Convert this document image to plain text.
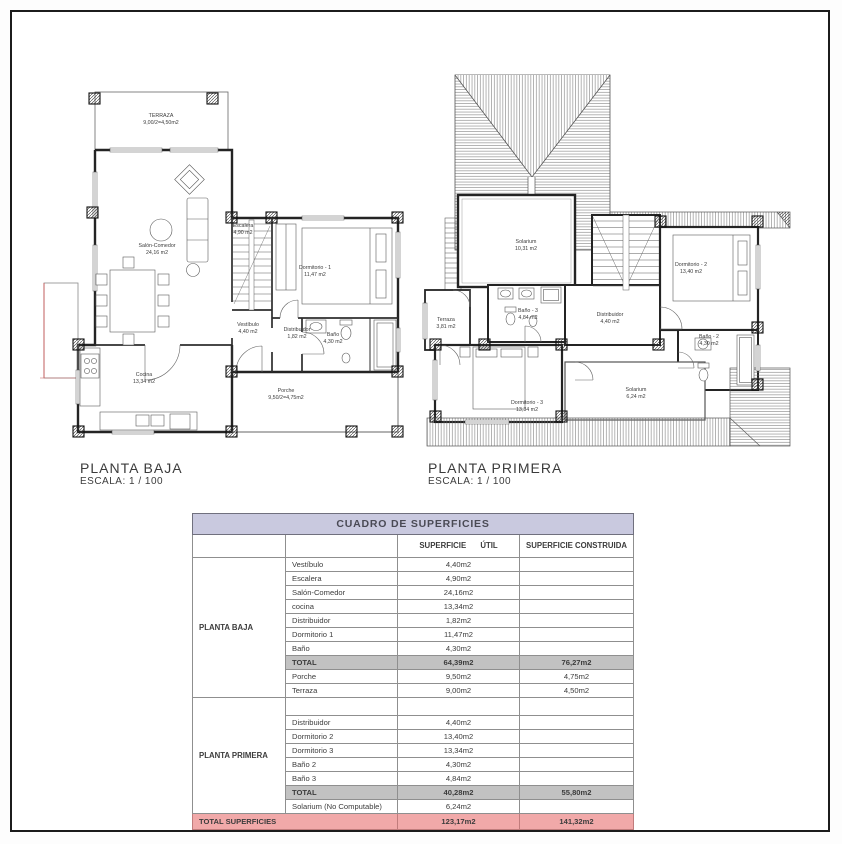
TERRAZA
9,00/2=4,50m2
Salón-Comedor
24,16 m2
Escalera
4,90 m2
Dormitorio - 1
11,47 m2
Vestíbulo
4,40 m2	Distribuidor
1,82 m2	Baño
4,30 m2
Cocina
13,34 m2
Porche
9,50/2=4,75m2
Solarium
10,31 m2
Terraza
3,81 m2
Baño - 3
4,84 m2	Distribuidor
4,40 m2
Dormitorio - 2
13,40 m2
Baño - 2
4,30 m2
Dormitorio - 3
13,34 m2
Solarium
6,24 m2
PLANTA BAJA
ESCALA: 1 / 100
PLANTA PRIMERA
ESCALA: 1 / 100
CUADRO DE SUPERFICIES			
		SUPERFICIE ÚTIL	SUPERFICIE CONSTRUIDA
PLANTA BAJA	Vestíbulo	4,40m2	
	Escalera	4,90m2	
	Salón-Comedor	24,16m2	
	cocina	13,34m2	
	Distribuidor	1,82m2	
	Dormitorio 1	11,47m2	
	Baño	4,30m2	
	TOTAL	64,39m2	76,27m2
	Porche	9,50m2	4,75m2
	Terraza	9,00m2	4,50m2
PLANTA PRIMERA			
	Distribuidor	4,40m2	
	Dormitorio 2	13,40m2	
	Dormitorio 3	13,34m2	
	Baño 2	4,30m2	
	Baño 3	4,84m2	
	TOTAL	40,28m2	55,80m2
	Solarium (No Computable)	6,24m2	
TOTAL SUPERFICIES		123,17m2	141,32m2
